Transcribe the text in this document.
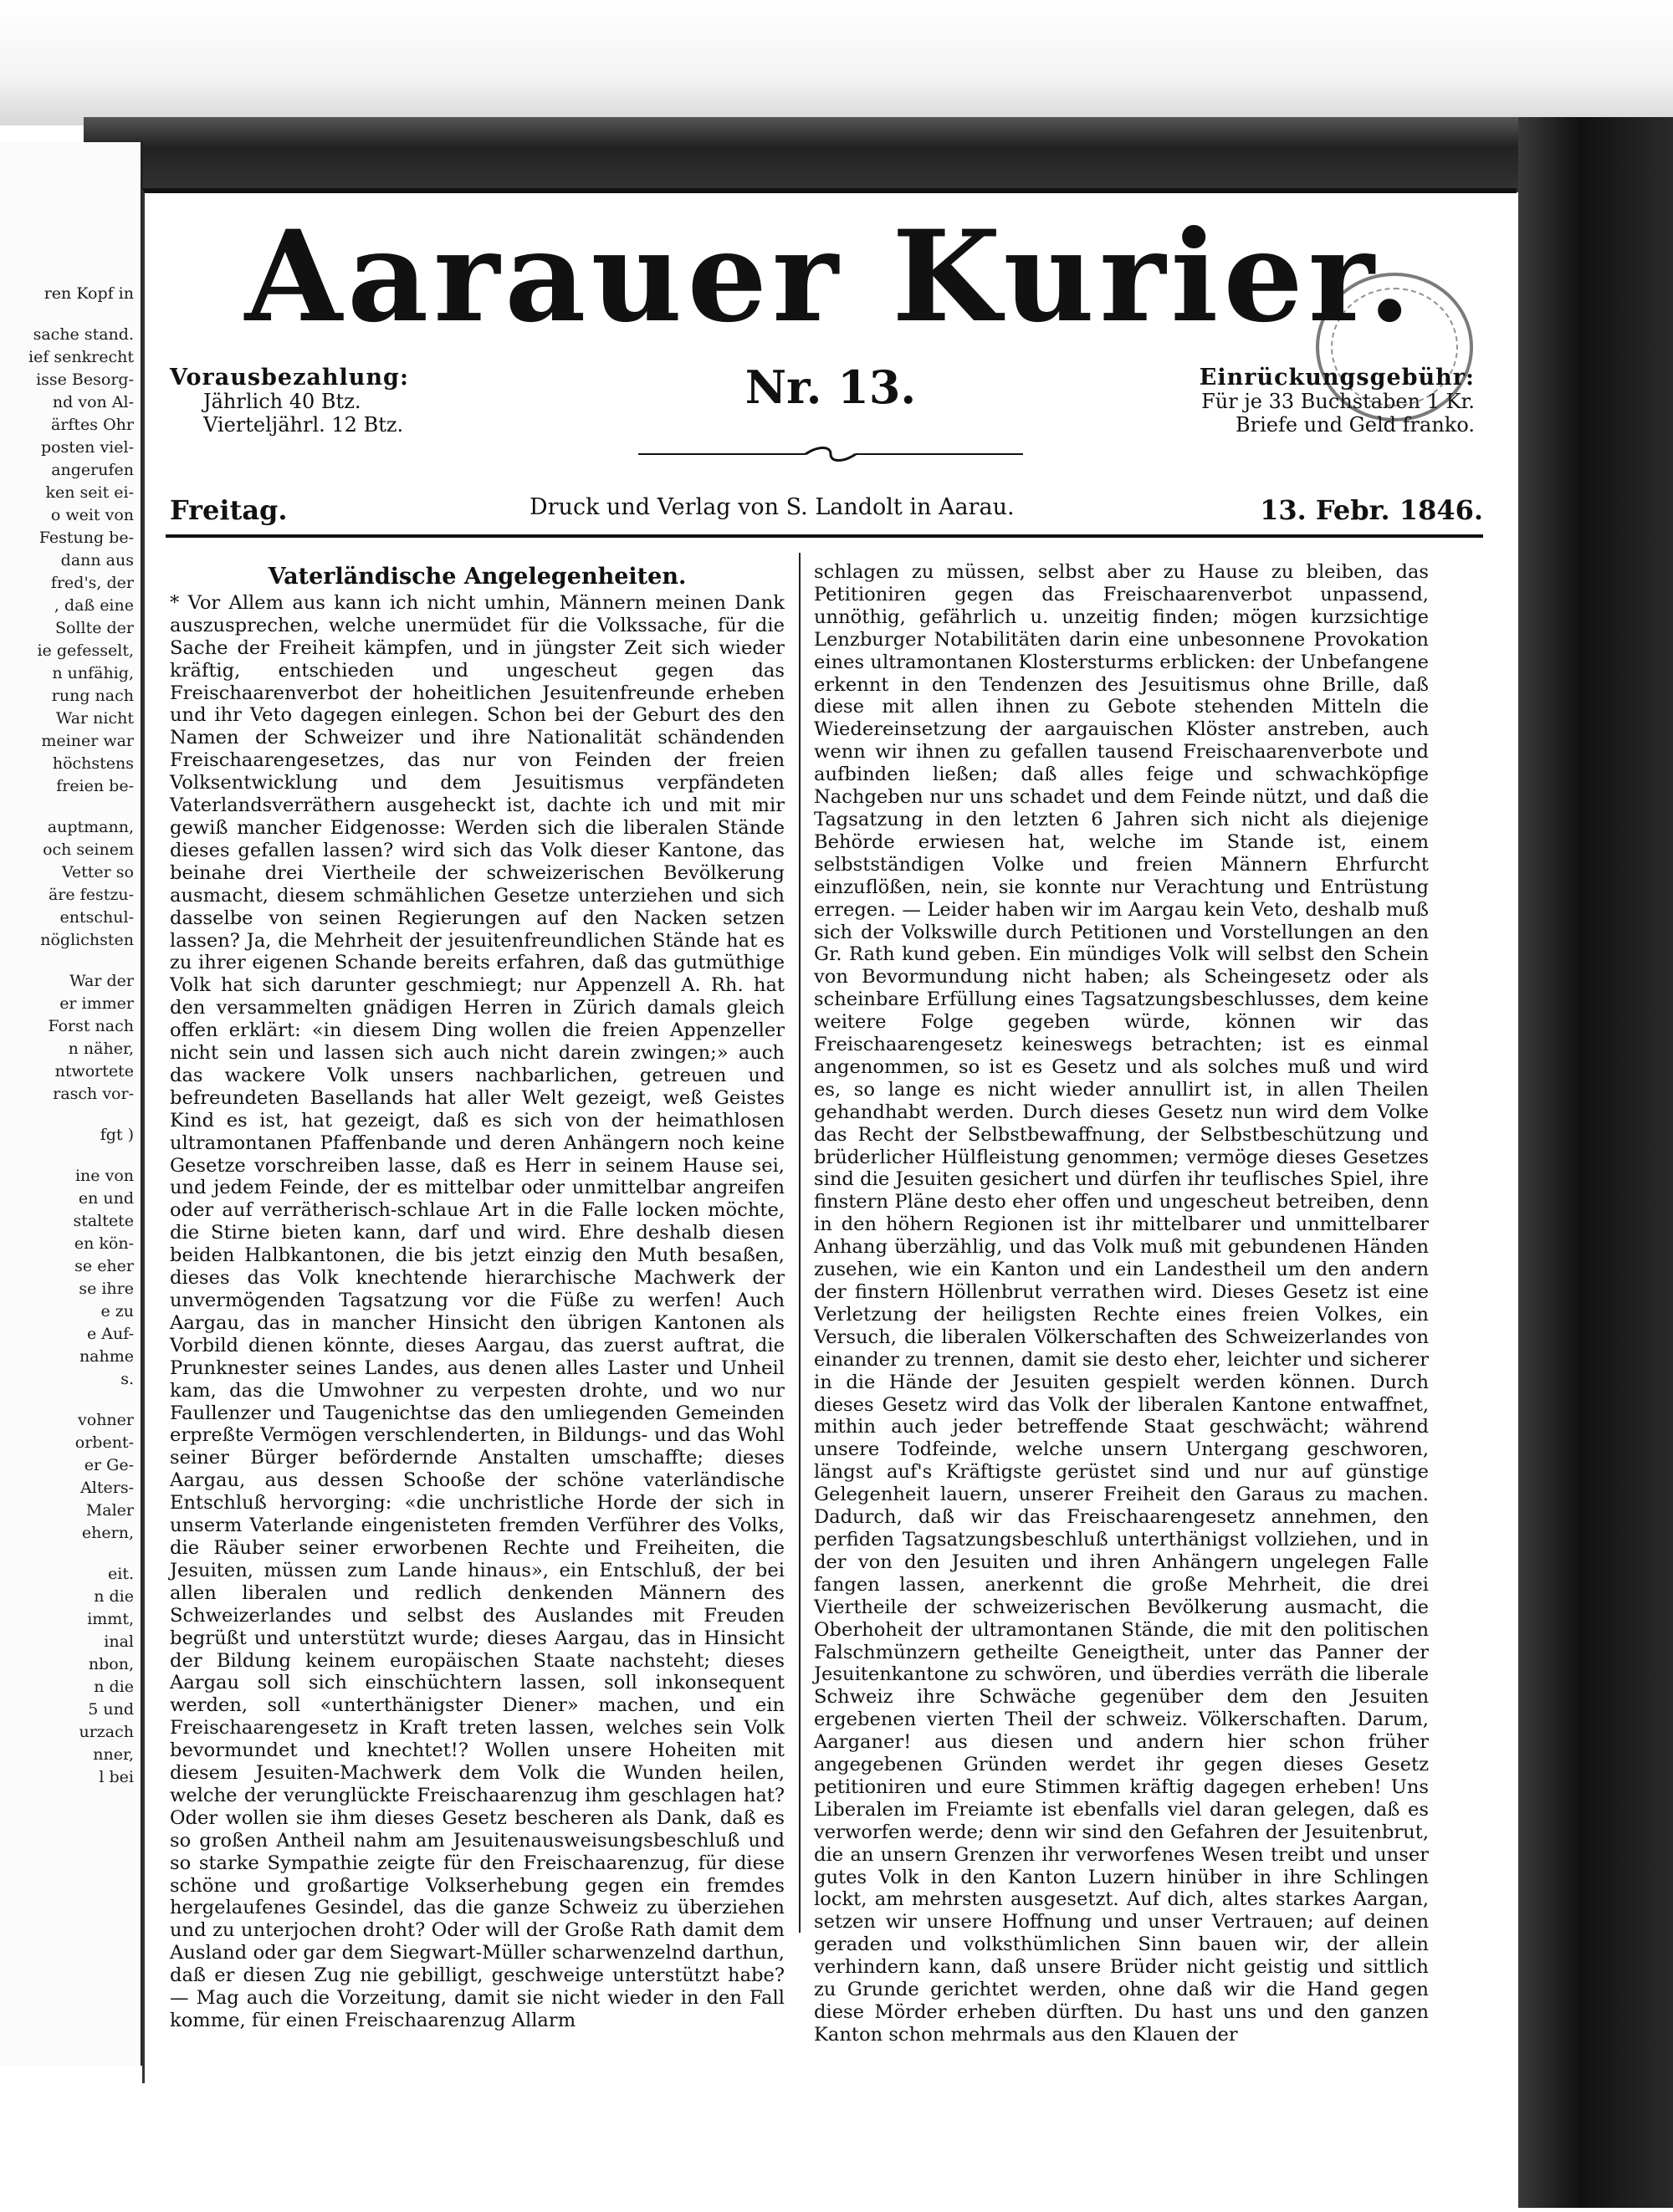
ren Kopf in
sache stand.
ief senkrecht
isse Besorg-
nd von Al-
ärftes Ohr
posten viel-
angerufen
ken seit ei-
o weit von
Festung be-
dann aus
fred's, der
, daß eine
Sollte der
ie gefesselt,
n unfähig,
rung nach
War nicht
meiner war
höchstens
freien be-
auptmann,
och seinem
Vetter so
äre festzu-
entschul-
nöglichsten
War der
er immer
Forst nach
n näher,
ntwortete
rasch vor-
fgt )
ine von
en und
staltete
en kön-
se eher
se ihre
e zu
e Auf-
nahme
s.
vohner
orbent-
er Ge-
Alters-
Maler
ehern,
eit.
n die
immt,
inal
nbon,
n die
5 und
urzach
nner,
l bei
Aarauer Kurier.
Vorausbezahlung:
Jährlich 40 Btz.
Vierteljährl. 12 Btz.
Nr. 13.	Einrückungsgebühr:
Für je 33 Buchstaben 1 Kr.
Briefe und Geld franko.
Freitag.	Druck und Verlag von S. Landolt in Aarau.	13. Febr. 1846.
Vaterländische Angelegenheiten.

* Vor Allem aus kann ich nicht umhin, Männern meinen Dank auszusprechen, welche unermüdet für die Volkssache, für die Sache der Freiheit kämpfen, und in jüngster Zeit sich wieder kräftig, entschieden und ungescheut gegen das Freischaarenverbot der hoheitlichen Jesuitenfreunde erheben und ihr Veto dagegen einlegen. Schon bei der Geburt des den Namen der Schweizer und ihre Nationalität schändenden Freischaarengesetzes, das nur von Feinden der freien Volksentwicklung und dem Jesuitismus verpfändeten Vaterlandsverräthern ausgeheckt ist, dachte ich und mit mir gewiß mancher Eidgenosse: Werden sich die liberalen Stände dieses gefallen lassen? wird sich das Volk dieser Kantone, das beinahe drei Viertheile der schweizerischen Bevölkerung ausmacht, diesem schmählichen Gesetze unterziehen und sich dasselbe von seinen Regierungen auf den Nacken setzen lassen? Ja, die Mehrheit der jesuitenfreundlichen Stände hat es zu ihrer eigenen Schande bereits erfahren, daß das gutmüthige Volk hat sich darunter geschmiegt; nur Appenzell A. Rh. hat den versammelten gnädigen Herren in Zürich damals gleich offen erklärt: «in diesem Ding wollen die freien Appenzeller nicht sein und lassen sich auch nicht darein zwingen;» auch das wackere Volk unsers nachbarlichen, getreuen und befreundeten Basellands hat aller Welt gezeigt, weß Geistes Kind es ist, hat gezeigt, daß es sich von der heimathlosen ultramontanen Pfaffenbande und deren Anhängern noch keine Gesetze vorschreiben lasse, daß es Herr in seinem Hause sei, und jedem Feinde, der es mittelbar oder unmittelbar angreifen oder auf verrätherisch-schlaue Art in die Falle locken möchte, die Stirne bieten kann, darf und wird. Ehre deshalb diesen beiden Halbkantonen, die bis jetzt einzig den Muth besaßen, dieses das Volk knechtende hierarchische Machwerk der unvermögenden Tagsatzung vor die Füße zu werfen! Auch Aargau, das in mancher Hinsicht den übrigen Kantonen als Vorbild dienen könnte, dieses Aargau, das zuerst auftrat, die Prunknester seines Landes, aus denen alles Laster und Unheil kam, das die Umwohner zu verpesten drohte, und wo nur Faullenzer und Taugenichtse das den umliegenden Gemeinden erpreßte Vermögen verschlenderten, in Bildungs- und das Wohl seiner Bürger befördernde Anstalten umschaffte; dieses Aargau, aus dessen Schooße der schöne vaterländische Entschluß hervorging: «die unchristliche Horde der sich in unserm Vaterlande eingenisteten fremden Verführer des Volks, die Räuber seiner erworbenen Rechte und Freiheiten, die Jesuiten, müssen zum Lande hinaus», ein Entschluß, der bei allen liberalen und redlich denkenden Männern des Schweizerlandes und selbst des Auslandes mit Freuden begrüßt und unterstützt wurde; dieses Aargau, das in Hinsicht der Bildung keinem europäischen Staate nachsteht; dieses Aargau soll sich einschüchtern lassen, soll inkonsequent werden, soll «unterthänigster Diener» machen, und ein Freischaarengesetz in Kraft treten lassen, welches sein Volk bevormundet und knechtet!? Wollen unsere Hoheiten mit diesem Jesuiten-Machwerk dem Volk die Wunden heilen, welche der verunglückte Freischaarenzug ihm geschlagen hat? Oder wollen sie ihm dieses Gesetz bescheren als Dank, daß es so großen Antheil nahm am Jesuitenausweisungsbeschluß und so starke Sympathie zeigte für den Freischaarenzug, für diese schöne und großartige Volkserhebung gegen ein fremdes hergelaufenes Gesindel, das die ganze Schweiz zu überziehen und zu unterjochen droht? Oder will der Große Rath damit dem Ausland oder gar dem Siegwart-Müller scharwenzelnd darthun, daß er diesen Zug nie gebilligt, geschweige unterstützt habe? — Mag auch die Vorzeitung, damit sie nicht wieder in den Fall komme, für einen Freischaarenzug Allarm

schlagen zu müssen, selbst aber zu Hause zu bleiben, das Petitioniren gegen das Freischaarenverbot unpassend, unnöthig, gefährlich u. unzeitig finden; mögen kurzsichtige Lenzburger Notabilitäten darin eine unbesonnene Provokation eines ultramontanen Klostersturms erblicken: der Unbefangene erkennt in den Tendenzen des Jesuitismus ohne Brille, daß diese mit allen ihnen zu Gebote stehenden Mitteln die Wiedereinsetzung der aargauischen Klöster anstreben, auch wenn wir ihnen zu gefallen tausend Freischaarenverbote und aufbinden ließen; daß alles feige und schwachköpfige Nachgeben nur uns schadet und dem Feinde nützt, und daß die Tagsatzung in den letzten 6 Jahren sich nicht als diejenige Behörde erwiesen hat, welche im Stande ist, einem selbstständigen Volke und freien Männern Ehrfurcht einzuflößen, nein, sie konnte nur Verachtung und Entrüstung erregen. — Leider haben wir im Aargau kein Veto, deshalb muß sich der Volkswille durch Petitionen und Vorstellungen an den Gr. Rath kund geben. Ein mündiges Volk will selbst den Schein von Bevormundung nicht haben; als Scheingesetz oder als scheinbare Erfüllung eines Tagsatzungsbeschlusses, dem keine weitere Folge gegeben würde, können wir das Freischaarengesetz keineswegs betrachten; ist es einmal angenommen, so ist es Gesetz und als solches muß und wird es, so lange es nicht wieder annullirt ist, in allen Theilen gehandhabt werden. Durch dieses Gesetz nun wird dem Volke das Recht der Selbstbewaffnung, der Selbstbeschützung und brüderlicher Hülfleistung genommen; vermöge dieses Gesetzes sind die Jesuiten gesichert und dürfen ihr teuflisches Spiel, ihre finstern Pläne desto eher offen und ungescheut betreiben, denn in den höhern Regionen ist ihr mittelbarer und unmittelbarer Anhang überzählig, und das Volk muß mit gebundenen Händen zusehen, wie ein Kanton und ein Landestheil um den andern der finstern Höllenbrut verrathen wird. Dieses Gesetz ist eine Verletzung der heiligsten Rechte eines freien Volkes, ein Versuch, die liberalen Völkerschaften des Schweizerlandes von einander zu trennen, damit sie desto eher, leichter und sicherer in die Hände der Jesuiten gespielt werden können. Durch dieses Gesetz wird das Volk der liberalen Kantone entwaffnet, mithin auch jeder betreffende Staat geschwächt; während unsere Todfeinde, welche unsern Untergang geschworen, längst auf's Kräftigste gerüstet sind und nur auf günstige Gelegenheit lauern, unserer Freiheit den Garaus zu machen. Dadurch, daß wir das Freischaarengesetz annehmen, den perfiden Tagsatzungsbeschluß unterthänigst vollziehen, und in der von den Jesuiten und ihren Anhängern ungelegen Falle fangen lassen, anerkennt die große Mehrheit, die drei Viertheile der schweizerischen Bevölkerung ausmacht, die Oberhoheit der ultramontanen Stände, die mit den politischen Falschmünzern getheilte Geneigtheit, unter das Panner der Jesuitenkantone zu schwören, und überdies verräth die liberale Schweiz ihre Schwäche gegenüber dem den Jesuiten ergebenen vierten Theil der schweiz. Völkerschaften. Darum, Aarganer! aus diesen und andern hier schon früher angegebenen Gründen werdet ihr gegen dieses Gesetz petitioniren und eure Stimmen kräftig dagegen erheben! Uns Liberalen im Freiamte ist ebenfalls viel daran gelegen, daß es verworfen werde; denn wir sind den Gefahren der Jesuitenbrut, die an unsern Grenzen ihr verworfenes Wesen treibt und unser gutes Volk in den Kanton Luzern hinüber in ihre Schlingen lockt, am mehrsten ausgesetzt. Auf dich, altes starkes Aargan, setzen wir unsere Hoffnung und unser Vertrauen; auf deinen geraden und volksthümlichen Sinn bauen wir, der allein verhindern kann, daß unsere Brüder nicht geistig und sittlich zu Grunde gerichtet werden, ohne daß wir die Hand gegen diese Mörder erheben dürften. Du hast uns und den ganzen Kanton schon mehrmals aus den Klauen der
